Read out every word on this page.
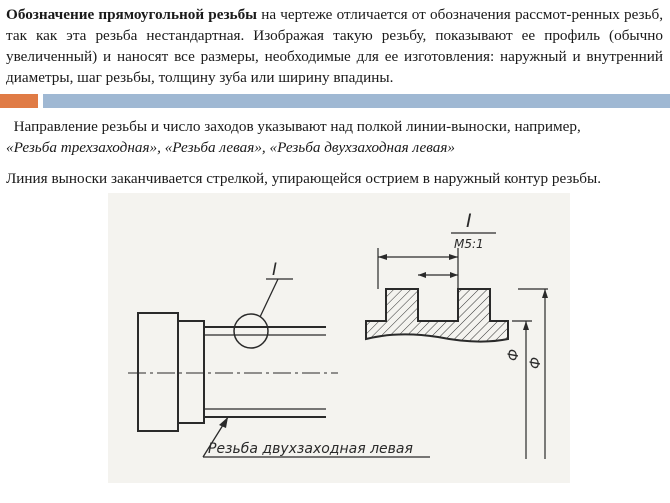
Обозначение прямоугольной резьбы на чертеже отличается от обозначения рассмот-ренных резьб, так как эта резьба нестандартная. Изображая такую резьбу, показывают ее профиль (обычно увеличенный) и наносят все размеры, необходимые для ее изготовления: наружный и внутренний диаметры, шаг резьбы, толщину зуба или ширину впадины.

Направление резьбы и число заходов указывают над полкой линии-выноски, например,
«Резьба трехзаходная», «Резьба левая», «Резьба двухзаходная левая»

Линия выноски заканчивается стрелкой, упирающейся острием в наружный контур резьбы.

I
I
M5:1
Ф
Ф
Резьба двухзаходная левая
